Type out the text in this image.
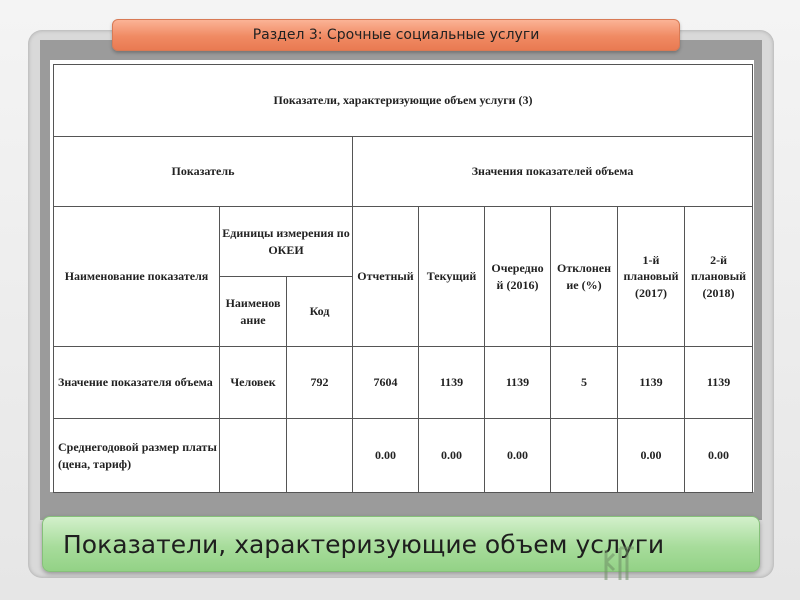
Показатели, характеризующие объем услуги (3)								
Показатель			Значения показателей объема					
Наименование показателя	Единицы измерения по ОКЕИ		Отчетный	Текущий	Очередно й (2016)	Отклонен ие (%)	1-й плановый (2017)	2-й плановый (2018)
	Наименов ание	Код						
Значение показателя объема	Человек	792	7604	1139	1139	5	1139	1139
Среднегодовой размер платы (цена, тариф)			0.00	0.00	0.00		0.00	0.00
Раздел 3: Срочные социальные услуги
Показатели, характеризующие объем услуги
